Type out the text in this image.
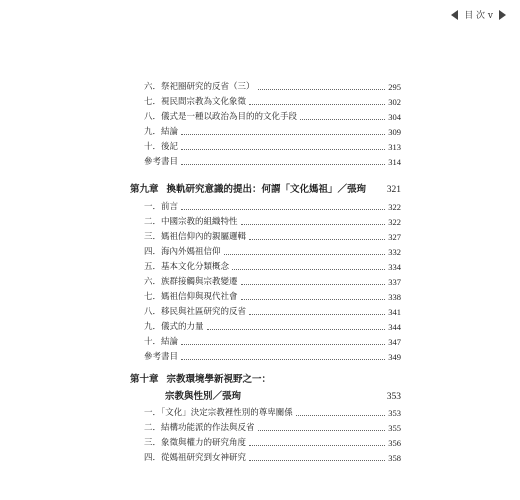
目 次 v
六．祭祀圈研究的反省（三）	295
七．視民間宗教為文化象徵	302
八．儀式是一種以政治為目的的文化手段	304
九．結論	309
十．後記	313
參考書目	314
第九章 換軌研究意識的提出：何謂「文化媽祖」／張珣 321
一．前言	322
二．中國宗教的組織特性	322
三．媽祖信仰內的親屬邏輯	327
四．海內外媽祖信仰	332
五．基本文化分類概念	334
六．族群接觸與宗教變遷	337
七．媽祖信仰與現代社會	338
八．移民與社區研究的反省	341
九．儀式的力量	344
十．結論	347
參考書目	349
第十章 宗教環境學新視野之一：
宗教與性別／張珣	353
一．「文化」決定宗教裡性別的尊卑關係	353
二．結構功能派的作法與反省	355
三．象徵與權力的研究角度	356
四．從媽祖研究到女神研究	358
